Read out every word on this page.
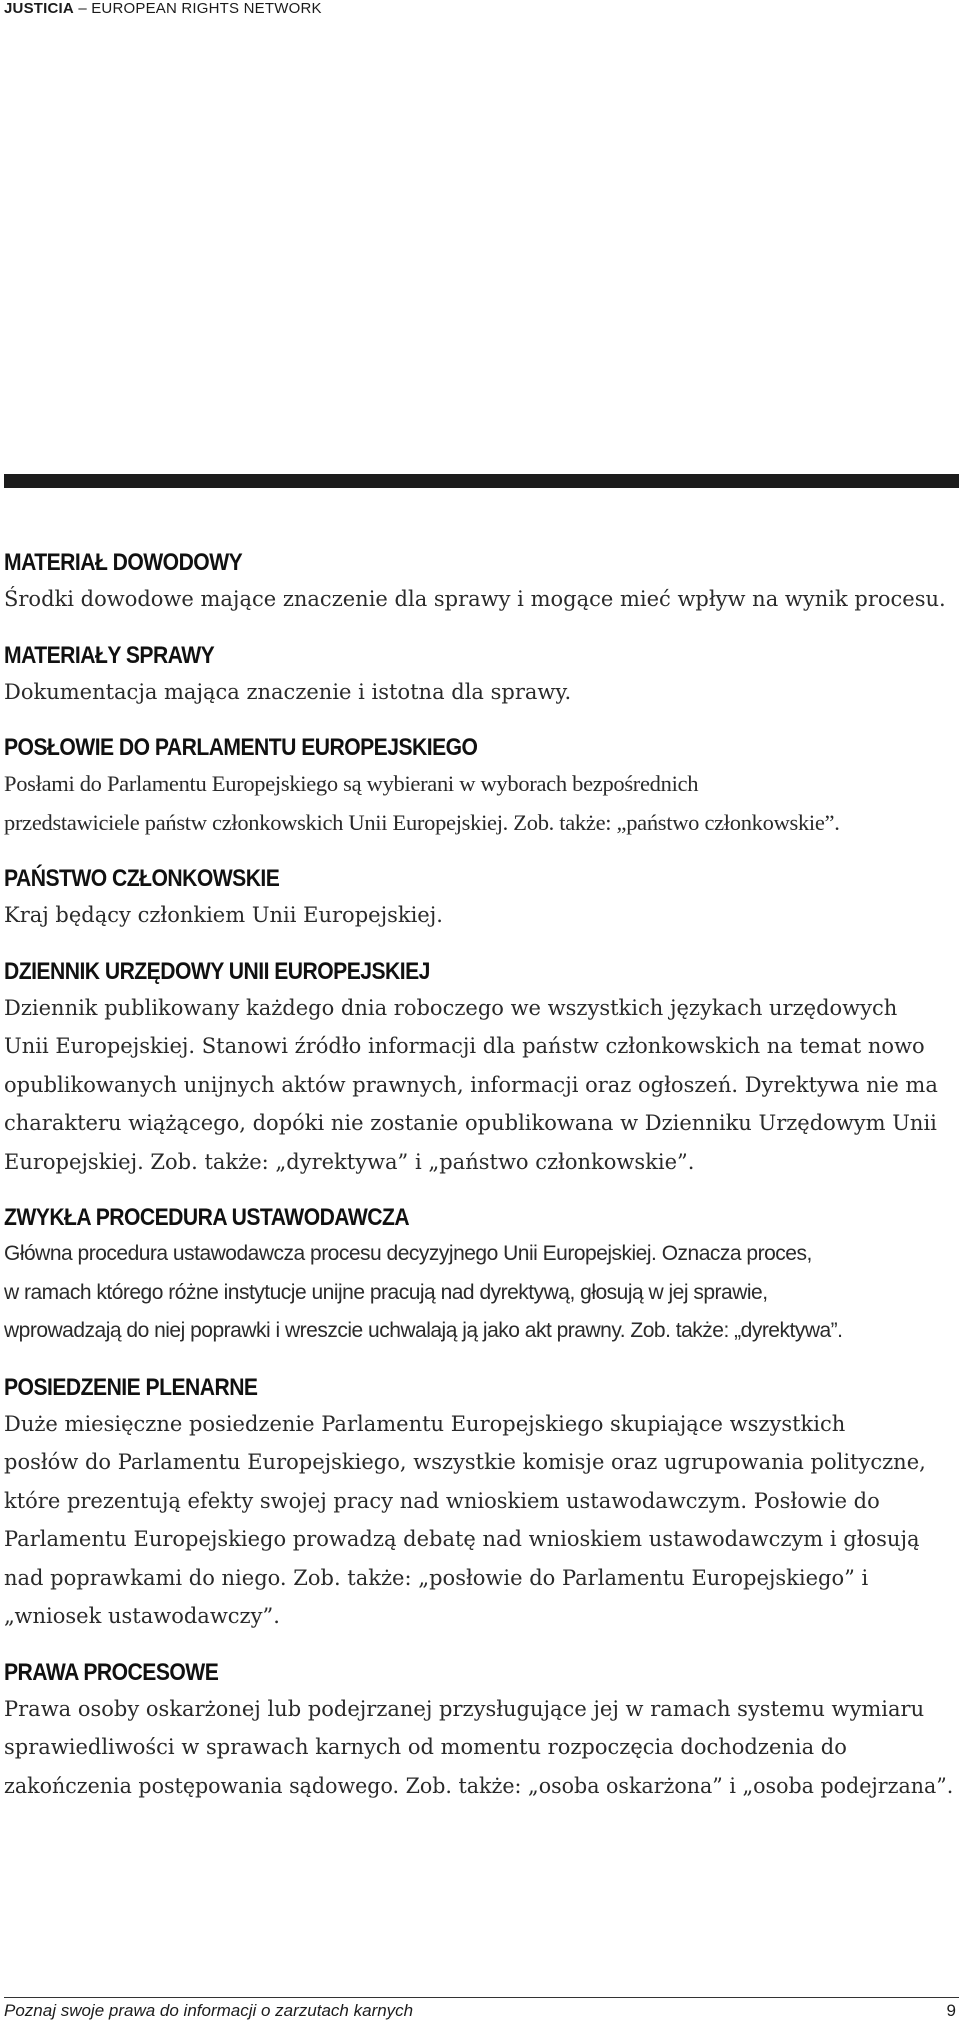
JUSTICIA – EUROPEAN RIGHTS NETWORK
MATERIAŁ DOWODOWY
Środki dowodowe mające znaczenie dla sprawy i mogące mieć wpływ na wynik procesu.
MATERIAŁY SPRAWY
Dokumentacja mająca znaczenie i istotna dla sprawy.
POSŁOWIE DO PARLAMENTU EUROPEJSKIEGO
Posłami do Parlamentu Europejskiego są wybierani w wyborach bezpośrednich
przedstawiciele państw członkowskich Unii Europejskiej. Zob. także: „państwo członkowskie”.
PAŃSTWO CZŁONKOWSKIE
Kraj będący członkiem Unii Europejskiej.
DZIENNIK URZĘDOWY UNII EUROPEJSKIEJ
Dziennik publikowany każdego dnia roboczego we wszystkich językach urzędowych
Unii Europejskiej. Stanowi źródło informacji dla państw członkowskich na temat nowo
opublikowanych unijnych aktów prawnych, informacji oraz ogłoszeń. Dyrektywa nie ma
charakteru wiążącego, dopóki nie zostanie opublikowana w Dzienniku Urzędowym Unii
Europejskiej. Zob. także: „dyrektywa” i „państwo członkowskie”.
ZWYKŁA PROCEDURA USTAWODAWCZA
Główna procedura ustawodawcza procesu decyzyjnego Unii Europejskiej. Oznacza proces,
w ramach którego różne instytucje unijne pracują nad dyrektywą, głosują w jej sprawie,
wprowadzają do niej poprawki i wreszcie uchwalają ją jako akt prawny. Zob. także: „dyrektywa”.
POSIEDZENIE PLENARNE
Duże miesięczne posiedzenie Parlamentu Europejskiego skupiające wszystkich
posłów do Parlamentu Europejskiego, wszystkie komisje oraz ugrupowania polityczne,
które prezentują efekty swojej pracy nad wnioskiem ustawodawczym. Posłowie do
Parlamentu Europejskiego prowadzą debatę nad wnioskiem ustawodawczym i głosują
nad poprawkami do niego. Zob. także: „posłowie do Parlamentu Europejskiego” i
„wniosek ustawodawczy”.
PRAWA PROCESOWE
Prawa osoby oskarżonej lub podejrzanej przysługujące jej w ramach systemu wymiaru
sprawiedliwości w sprawach karnych od momentu rozpoczęcia dochodzenia do
zakończenia postępowania sądowego. Zob. także: „osoba oskarżona” i „osoba podejrzana”.
Poznaj swoje prawa do informacji o zarzutach karnych	9
